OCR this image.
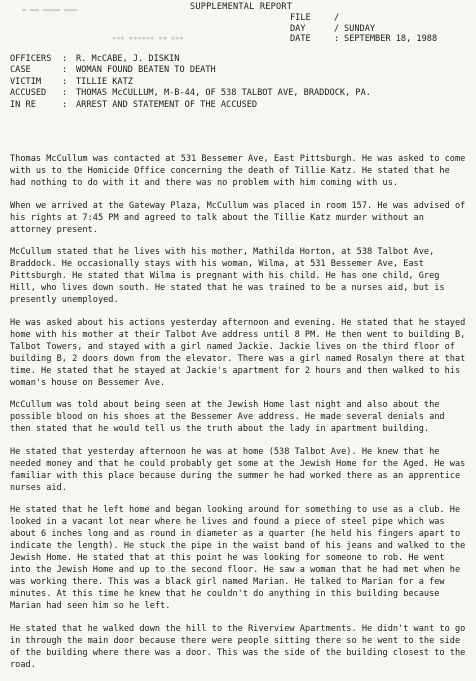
SUPPLEMENTAL REPORT
▬ ▬▬ ▬▬▬▬ ▬▬▬
▪▪▪ ▪▪▪▪▪▪ ▪▪ ▪▪▪
FILE	/
DAY	/ SUNDAY
DATE	: SEPTEMBER 18, 1988
OFFICERS	:	R. McCABE, J. DISKIN
CASE	:	WOMAN FOUND BEATEN TO DEATH
VICTIM	:	TILLIE KATZ
ACCUSED	:	THOMAS McCULLUM, M-B-44, OF 538 TALBOT AVE, BRADDOCK, PA.
IN RE	:	ARREST AND STATEMENT OF THE ACCUSED

Thomas McCullum was contacted at 531 Bessemer Ave, East Pittsburgh. He was asked to come with us to the Homicide Office concerning the death of Tillie Katz. He stated that he had nothing to do with it and there was no problem with him coming with us.

When we arrived at the Gateway Plaza, McCullum was placed in room 157. He was advised of his rights at 7:45 PM and agreed to talk about the Tillie Katz murder without an attorney present.

McCullum stated that he lives with his mother, Mathilda Horton, at 538 Talbot Ave, Braddock. He occasionally stays with his woman, Wilma, at 531 Bessemer Ave, East Pittsburgh. He stated that Wilma is pregnant with his child. He has one child, Greg Hill, who lives down south. He stated that he was trained to be a nurses aid, but is presently unemployed.

He was asked about his actions yesterday afternoon and evening. He stated that he stayed home with his mother at their Talbot Ave address until 8 PM. He then went to building B, Talbot Towers, and stayed with a girl named Jackie. Jackie lives on the third floor of building B, 2 doors down from the elevator. There was a girl named Rosalyn there at that time. He stated that he stayed at Jackie's apartment for 2 hours and then walked to his woman's house on Bessemer Ave.

McCullum was told about being seen at the Jewish Home last night and also about the possible blood on his shoes at the Bessemer Ave address. He made several denials and then stated that he would tell us the truth about the lady in apartment building.

He stated that yesterday afternoon he was at home (538 Talbot Ave). He knew that he needed money and that he could probably get some at the Jewish Home for the Aged. He was familiar with this place because during the summer he had worked there as an apprentice nurses aid.

He stated that he left home and began looking around for something to use as a club. He looked in a vacant lot near where he lives and found a piece of steel pipe which was about 6 inches long and as round in diameter as a quarter (he held his fingers apart to indicate the length). He stuck the pipe in the waist band of his jeans and walked to the Jewish Home. He stated that at this point he was looking for someone to rob. He went into the Jewish Home and up to the second floor. He saw a woman that he had met when he was working there. This was a black girl named Marian. He talked to Marian for a few minutes. At this time he knew that he couldn't do anything in this building because Marian had seen him so he left.

He stated that he walked down the hill to the Riverview Apartments. He didn't want to go in through the main door because there were people sitting there so he went to the side of the building where there was a door. This was the side of the building closest to the road.
